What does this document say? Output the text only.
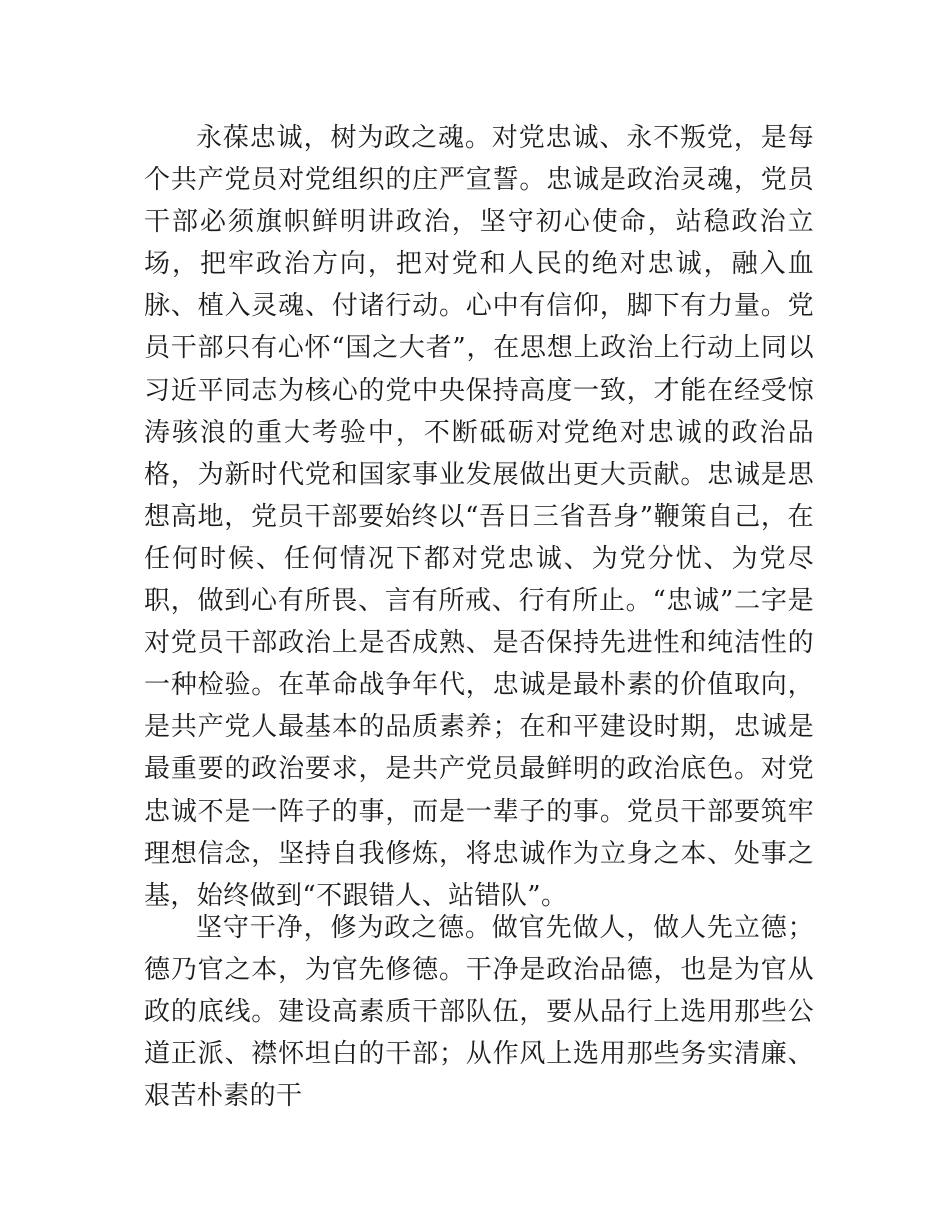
永葆忠诚，树为政之魂。对党忠诚、永不叛党，是每个共产党员对党组织的庄严宣誓。忠诚是政治灵魂，党员干部必须旗帜鲜明讲政治，坚守初心使命，站稳政治立场，把牢政治方向，把对党和人民的绝对忠诚，融入血脉、植入灵魂、付诸行动。心中有信仰，脚下有力量。党员干部只有心怀“国之大者”，在思想上政治上行动上同以习近平同志为核心的党中央保持高度一致，才能在经受惊涛骇浪的重大考验中，不断砥砺对党绝对忠诚的政治品格，为新时代党和国家事业发展做出更大贡献。忠诚是思想高地，党员干部要始终以“吾日三省吾身”鞭策自己，在任何时候、任何情况下都对党忠诚、为党分忧、为党尽职，做到心有所畏、言有所戒、行有所止。“忠诚”二字是对党员干部政治上是否成熟、是否保持先进性和纯洁性的一种检验。在革命战争年代，忠诚是最朴素的价值取向，是共产党人最基本的品质素养；在和平建设时期，忠诚是最重要的政治要求，是共产党员最鲜明的政治底色。对党忠诚不是一阵子的事，而是一辈子的事。党员干部要筑牢理想信念，坚持自我修炼，将忠诚作为立身之本、处事之基，始终做到“不跟错人、站错队”。

坚守干净，修为政之德。做官先做人，做人先立德；德乃官之本，为官先修德。干净是政治品德，也是为官从政的底线。建设高素质干部队伍，要从品行上选用那些公道正派、襟怀坦白的干部；从作风上选用那些务实清廉、艰苦朴素的干
